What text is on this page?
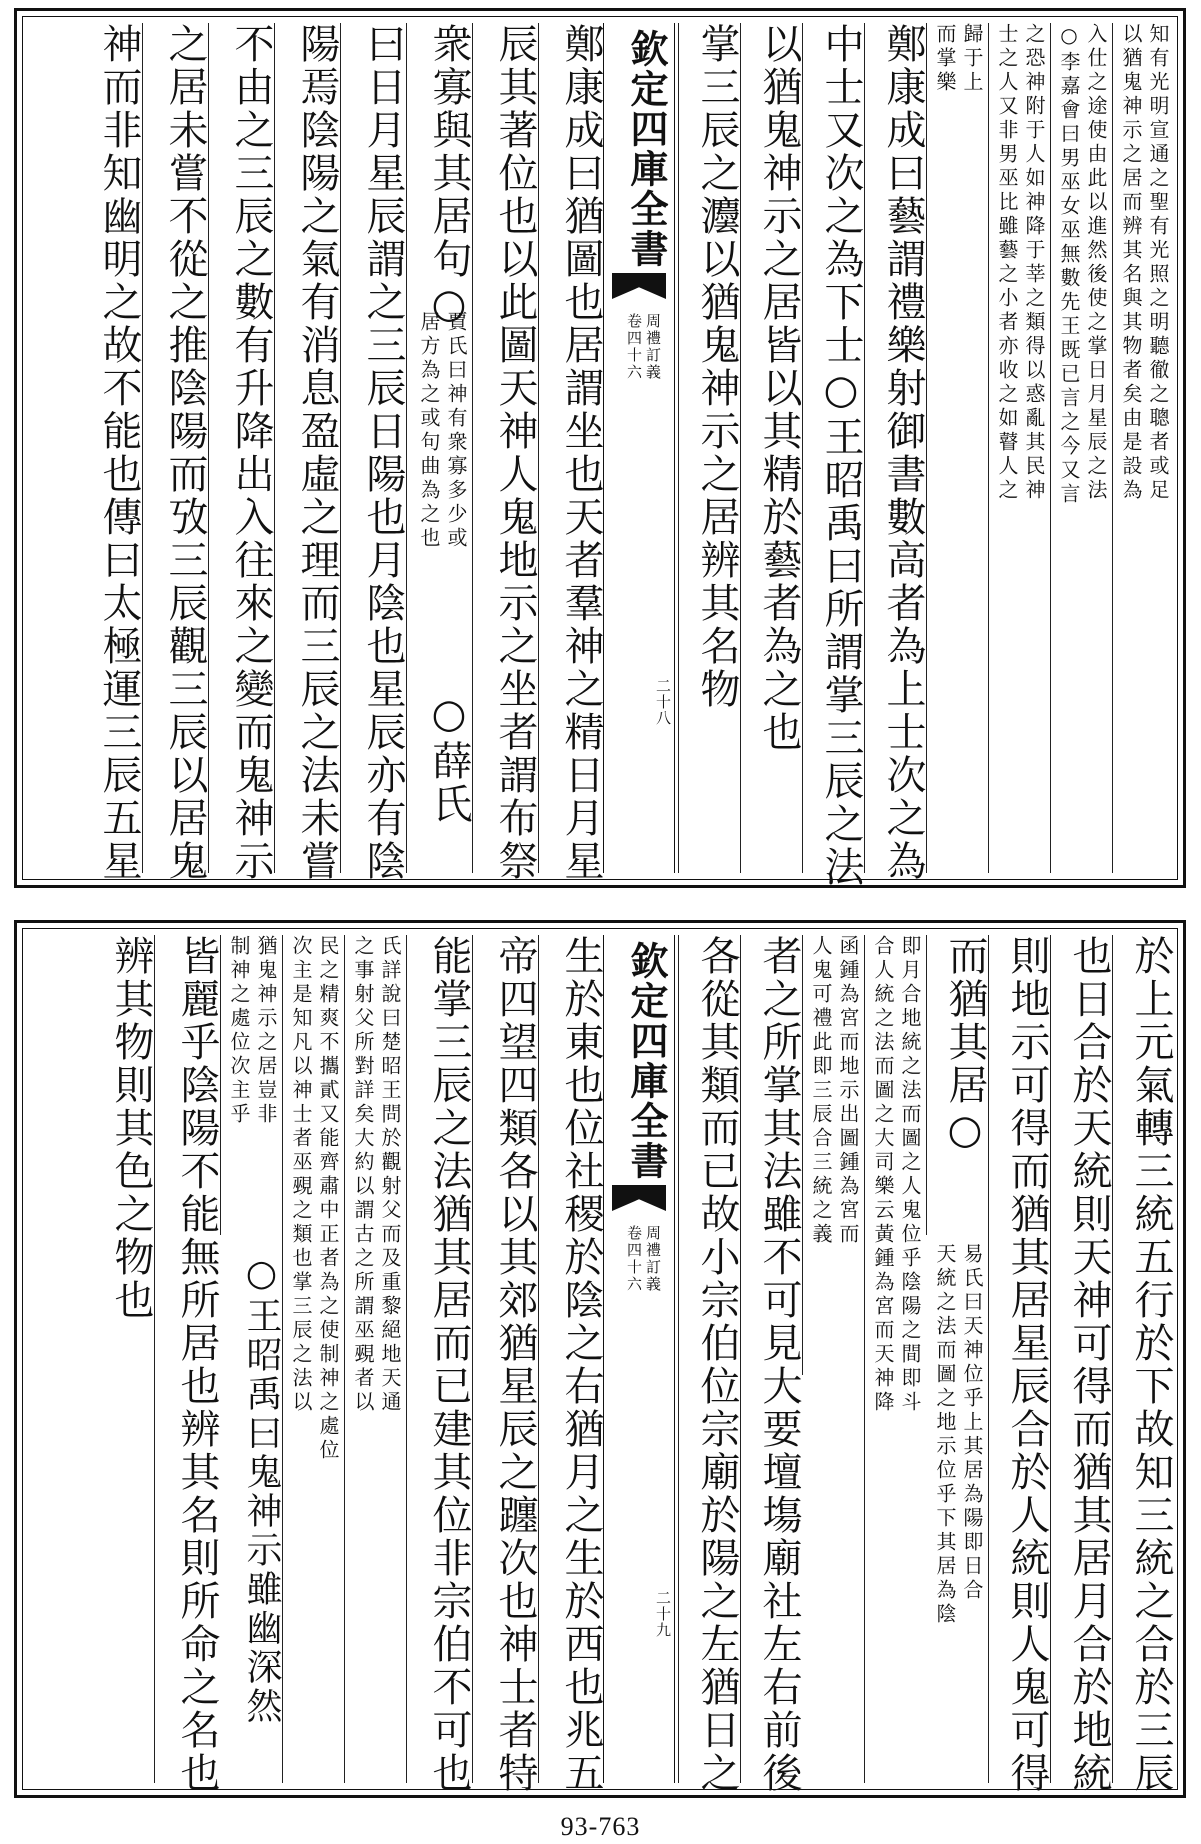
知有光明宣通之聖有光照之明聽徹之聰者或足
以猶鬼神示之居而辨其名與其物者矣由是設為
入仕之途使由此以進然後使之掌日月星辰之法
○李嘉會曰男巫女巫無數先王既已言之今又言
之恐神附于人如神降于莘之類得以惑亂其民神
士之人又非男巫比雖藝之小者亦收之如瞽人之
歸于上
而掌樂
鄭康成曰藝謂禮樂射御書數高者為上士次之為
中士又次之為下士○王昭禹曰所謂掌三辰之法
以猶鬼神示之居皆以其精於藝者為之也
掌三辰之灋以猶鬼神示之居辨其名物
欽定四庫全書
周禮訂義
卷四十六
二十八
鄭康成曰猶圖也居謂坐也天者羣神之精日月星
辰其著位也以此圖天神人鬼地示之坐者謂布祭
衆寡與其居句○
賈氏曰神有衆寡多少或
居方為之或句曲為之也
○薛氏
曰日月星辰謂之三辰日陽也月陰也星辰亦有陰
陽焉陰陽之氣有消息盈虛之理而三辰之法未嘗
不由之三辰之數有升降出入往來之變而鬼神示
之居未嘗不從之推陰陽而攷三辰觀三辰以居鬼
神而非知幽明之故不能也傳曰太極運三辰五星
於上元氣轉三統五行於下故知三統之合於三辰
也日合於天統則天神可得而猶其居月合於地統
則地示可得而猶其居星辰合於人統則人鬼可得
而猶其居○
易氏曰天神位乎上其居為陽即日合
天統之法而圖之地示位乎下其居為陰
即月合地統之法而圖之人鬼位乎陰陽之間即斗
合人統之法而圖之大司樂云黃鍾為宮而天神降
函鍾為宮而地示出圖鍾為宮而
人鬼可禮此即三辰合三統之義
者之所掌其法雖不可見大要壇塲廟社左右前後
各從其類而已故小宗伯位宗廟於陽之左猶日之
欽定四庫全書
周禮訂義
卷四十六
二十九
生於東也位社稷於陰之右猶月之生於西也兆五
帝四望四類各以其郊猶星辰之躔次也神士者特
能掌三辰之法猶其居而已建其位非宗伯不可也
氏詳說曰楚昭王問於觀射父而及重黎絕地天通
之事射父所對詳矣大約以謂古之所謂巫覡者以
民之精爽不攜貳又能齊肅中正者為之使制神之處位
次主是知凡以神士者巫覡之類也掌三辰之法以
猶鬼神示之居豈非
制神之處位次主乎
○王昭禹曰鬼神示雖幽深然
皆麗乎陰陽不能無所居也辨其名則所命之名也
辨其物則其色之物也
93-763
